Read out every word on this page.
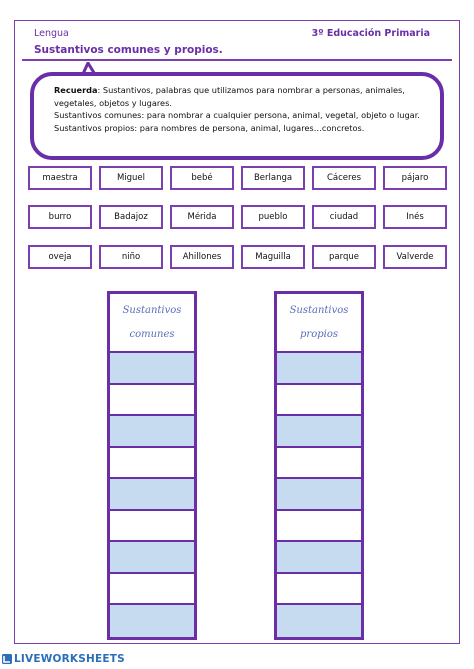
Lengua	3º Educación Primaria
Sustantivos comunes y propios.
Recuerda: Sustantivos, palabras que utilizamos para nombrar a personas, animales, vegetales, objetos y lugares.
Sustantivos comunes: para nombrar a cualquier persona, animal, vegetal, objeto o lugar.
Sustantivos propios: para nombres de persona, animal, lugares…concretos.
maestra	Miguel	bebé	Berlanga	Cáceres	pájaro
burro	Badajoz	Mérida	pueblo	ciudad	Inés
oveja	niño	Ahillones	Maguilla	parque	Valverde
Sustantivos
comunes
Sustantivos
propios
LIVEWORKSHEETS
